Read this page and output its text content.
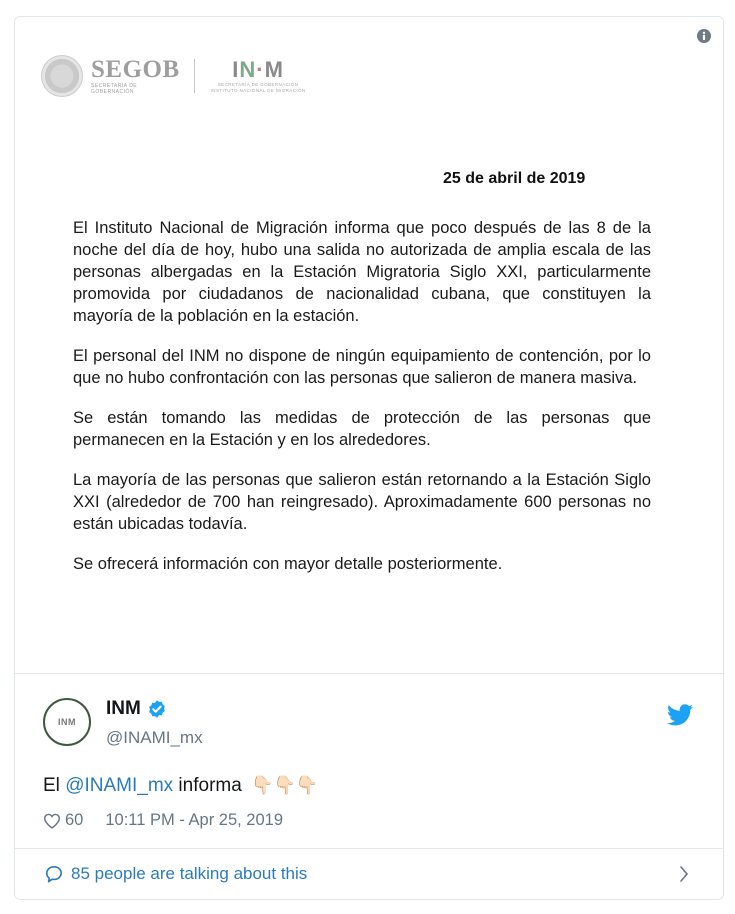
SEGOB
SECRETARÍA DE
GOBERNACIÓN
IN·M
SECRETARÍA DE GOBERNACIÓN
INSTITUTO NACIONAL DE MIGRACIÓN
25 de abril de 2019

El Instituto Nacional de Migración informa que poco después de las 8 de la noche del día de hoy, hubo una salida no autorizada de amplia escala de las personas albergadas en la Estación Migratoria Siglo XXI, particularmente promovida por ciudadanos de nacionalidad cubana, que constituyen la mayoría de la población en la estación.

El personal del INM no dispone de ningún equipamiento de contención, por lo que no hubo confrontación con las personas que salieron de manera masiva.

Se están tomando las medidas de protección de las personas que permanecen en la Estación y en los alrededores.

La mayoría de las personas que salieron están retornando a la Estación Siglo XXI (alrededor de 700 han reingresado). Aproximadamente 600 personas no están ubicadas todavía.

Se ofrecerá información con mayor detalle posteriormente.

INM
INM
@INAMI_mx
El @INAMI_mx informa 👇🏻👇🏻👇🏻
60 10:11 PM - Apr 25, 2019
85 people are talking about this
